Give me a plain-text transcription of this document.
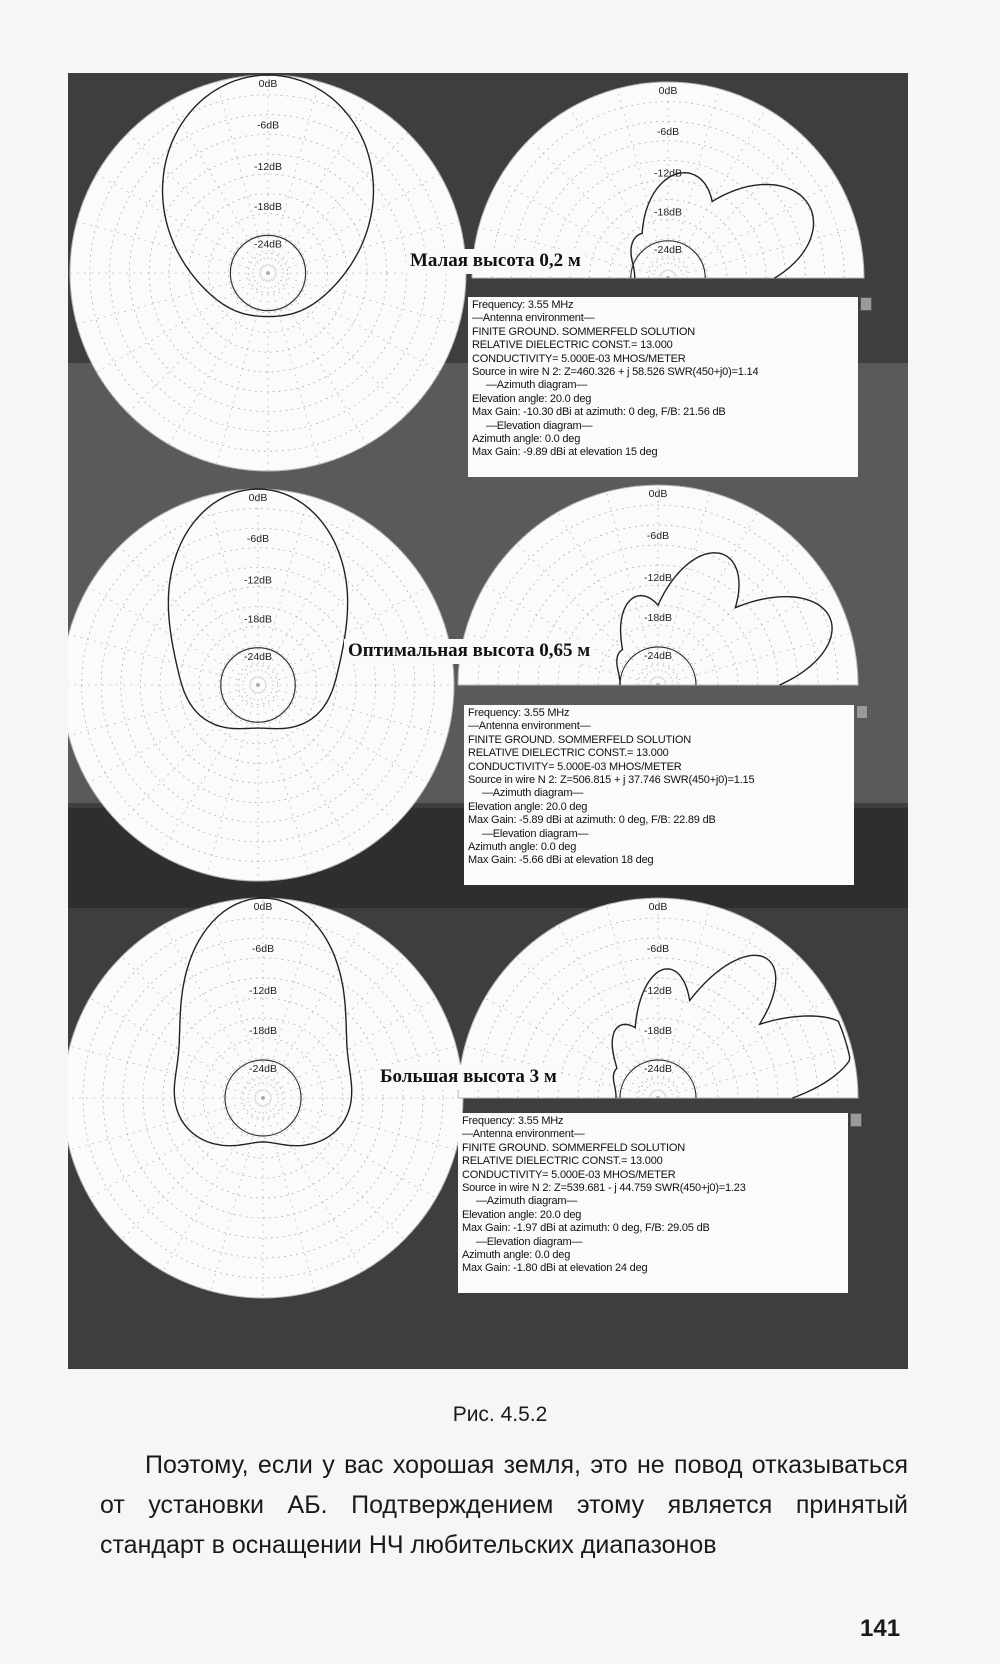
0dB
-6dB
-12dB
-18dB
-24dB
0dB
-6dB
-12dB
-18dB
-24dB
0dB
-6dB
-12dB
-18dB
-24dB
0dB
-6dB
-12dB
-18dB
-24dB
0dB
-6dB
-12dB
-18dB
-24dB
0dB
-6dB
-12dB
-18dB
-24dB
Малая высота 0,2 м
Frequency: 3.55 MHz
—Antenna environment—
FINITE GROUND. SOMMERFELD SOLUTION
RELATIVE DIELECTRIC CONST.= 13.000
CONDUCTIVITY= 5.000E-03 MHOS/METER
Source in wire N 2: Z=460.326 + j 58.526 SWR(450+j0)=1.14
—Azimuth diagram—
Elevation angle: 20.0 deg
Max Gain: -10.30 dBi at azimuth: 0 deg, F/B: 21.56 dB
—Elevation diagram—
Azimuth angle: 0.0 deg
Max Gain: -9.89 dBi at elevation 15 deg
Оптимальная высота 0,65 м
Frequency: 3.55 MHz
—Antenna environment—
FINITE GROUND. SOMMERFELD SOLUTION
RELATIVE DIELECTRIC CONST.= 13.000
CONDUCTIVITY= 5.000E-03 MHOS/METER
Source in wire N 2: Z=506.815 + j 37.746 SWR(450+j0)=1.15
—Azimuth diagram—
Elevation angle: 20.0 deg
Max Gain: -5.89 dBi at azimuth: 0 deg, F/B: 22.89 dB
—Elevation diagram—
Azimuth angle: 0.0 deg
Max Gain: -5.66 dBi at elevation 18 deg
Большая высота 3 м
Frequency: 3.55 MHz
—Antenna environment—
FINITE GROUND. SOMMERFELD SOLUTION
RELATIVE DIELECTRIC CONST.= 13.000
CONDUCTIVITY= 5.000E-03 MHOS/METER
Source in wire N 2: Z=539.681 - j 44.759 SWR(450+j0)=1.23
—Azimuth diagram—
Elevation angle: 20.0 deg
Max Gain: -1.97 dBi at azimuth: 0 deg, F/B: 29.05 dB
—Elevation diagram—
Azimuth angle: 0.0 deg
Max Gain: -1.80 dBi at elevation 24 deg
Рис. 4.5.2

Поэтому, если у вас хорошая земля, это не повод отказываться от установки АБ. Подтверждением этому является принятый стандарт в оснащении НЧ любительских диапазонов

141
